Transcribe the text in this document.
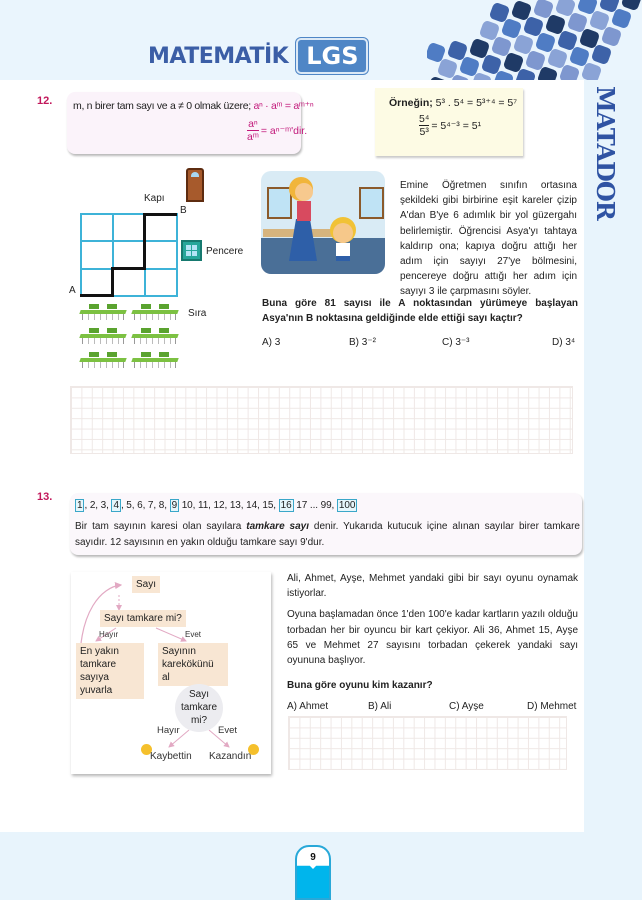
MATEMATİK LGS
MATADOR
12. m, n birer tam sayı ve a ≠ 0 olmak üzere; aⁿ · aᵐ = aᵐ⁺ⁿ
$\frac{\text{aⁿ}}{\text{aᵐ}}$ = aⁿ⁻ᵐ'dir.
Örneğin; 5³ . 5⁴ = 5³⁺⁴ = 5⁷
$\frac{\text{5⁴}}{\text{5³}} = 5^{4-3} = 5^1$
Kapı
B
A
Pencere
Sıra
Emine Öğretmen sınıfın ortasına şekildeki gibi birbirine eşit kareler çizip A'dan B'ye 6 adımlık bir yol güzergahı belirlemiştir. Öğrencisi Asya'yı tahtaya kaldırıp ona; kapıya doğru attığı her adım için sayıyı 27'ye bölmesini, pencereye doğru attığı her adım için sayıyı 3 ile çarpmasını söyler.
Buna göre 81 sayısı ile A noktasından yürümeye başlayan Asya'nın B noktasına geldiğinde elde ettiği sayı kaçtır?
A) 3	B) 3⁻²	C) 3⁻³	D) 3⁴
13.
1 , 2, 3, 4 , 5, 6, 7, 8, 9 10, 11, 12, 13, 14, 15, 16 17 ... 99, 100
Bir tam sayının karesi olan sayılara tamkare sayı denir. Yukarıda kutucuk içine alınan sayılar birer tamkare sayıdır. 12 sayısının en yakın olduğu tamkare sayı 9'dur.
Sayı
Sayı tamkare mi?
Hayır	Evet
En yakın tamkare sayıya yuvarla
Sayının karekökünü al
Sayı tamkare mi?
Hayır	Evet
Kaybettin Kazandın
Ali, Ahmet, Ayşe, Mehmet yandaki gibi bir sayı oyunu oynamak istiyorlar.
Oyuna başlamadan önce 1'den 100'e kadar kartların yazılı olduğu torbadan her bir oyuncu bir kart çekiyor. Ali 36, Ahmet 15, Ayşe 65 ve Mehmet 27 sayısını torbadan çekerek yandaki sayı oyununa başlıyor.
Buna göre oyunu kim kazanır?
A) Ahmet	B) Ali	C) Ayşe	D) Mehmet
9
